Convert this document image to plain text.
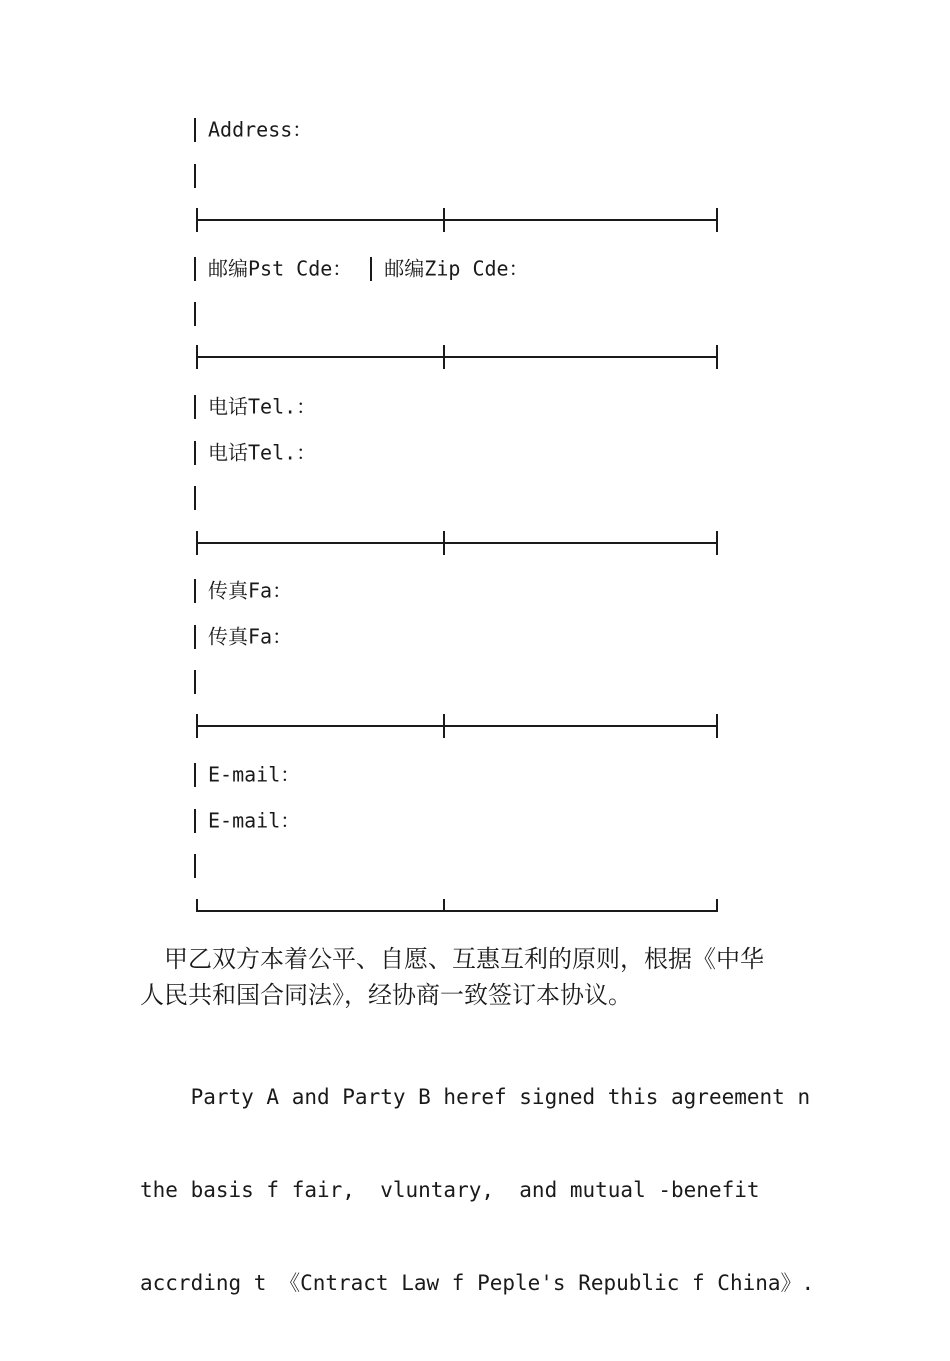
Address：
邮编Pst Cde： 邮编Zip Cde：
电话Tel.：
电话Tel.：
传真Fa：
传真Fa：
E-mail：
E-mail：
　甲乙双方本着公平、自愿、互惠互利的原则，根据《中华
人民共和国合同法》，经协商一致签订本协议。

Party A and Party B heref signed this agreement n

the basis f fair,  vluntary,  and mutual -benefit

accrding t 《Cntract Law f Peple's Republic f China》.
